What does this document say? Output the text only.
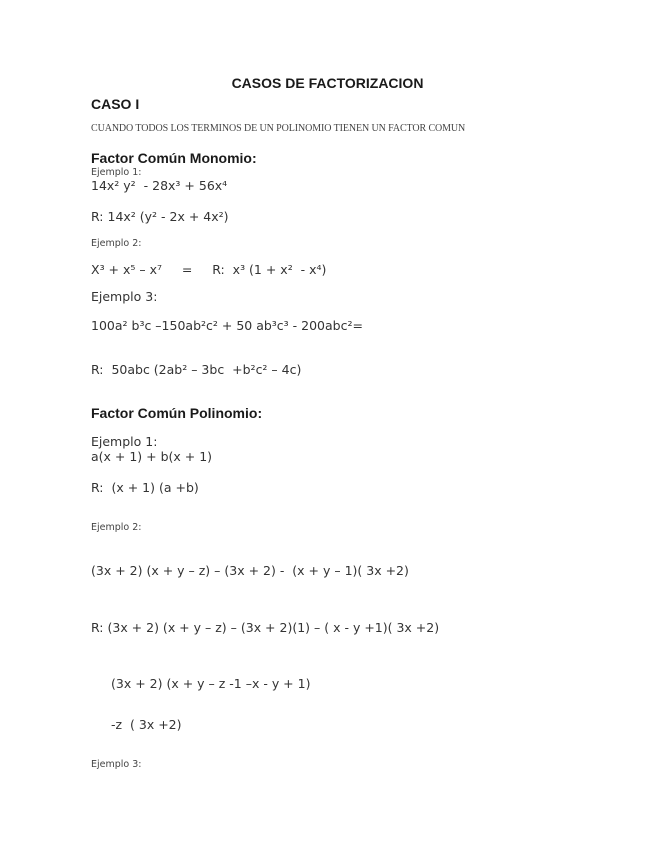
CASOS DE FACTORIZACION
CASO I
CUANDO TODOS LOS TERMINOS DE UN POLINOMIO TIENEN UN FACTOR COMUN
Factor Común Monomio:
Ejemplo 1:
14x² y²  - 28x³ + 56x⁴
R: 14x² (y² - 2x + 4x²)
Ejemplo 2:
X³ + x⁵ – x⁷     =     R:  x³ (1 + x²  - x⁴)
Ejemplo 3:
100a² b³c –150ab²c² + 50 ab³c³ - 200abc²=
R:  50abc (2ab² – 3bc  +b²c² – 4c)
Factor Común Polinomio:
Ejemplo 1:
a(x + 1) + b(x + 1)
R:  (x + 1) (a +b)
Ejemplo 2:
(3x + 2) (x + y – z) – (3x + 2) -  (x + y – 1)( 3x +2)
R: (3x + 2) (x + y – z) – (3x + 2)(1) – ( x - y +1)( 3x +2)
(3x + 2) (x + y – z -1 –x - y + 1)
-z  ( 3x +2)
Ejemplo 3:
